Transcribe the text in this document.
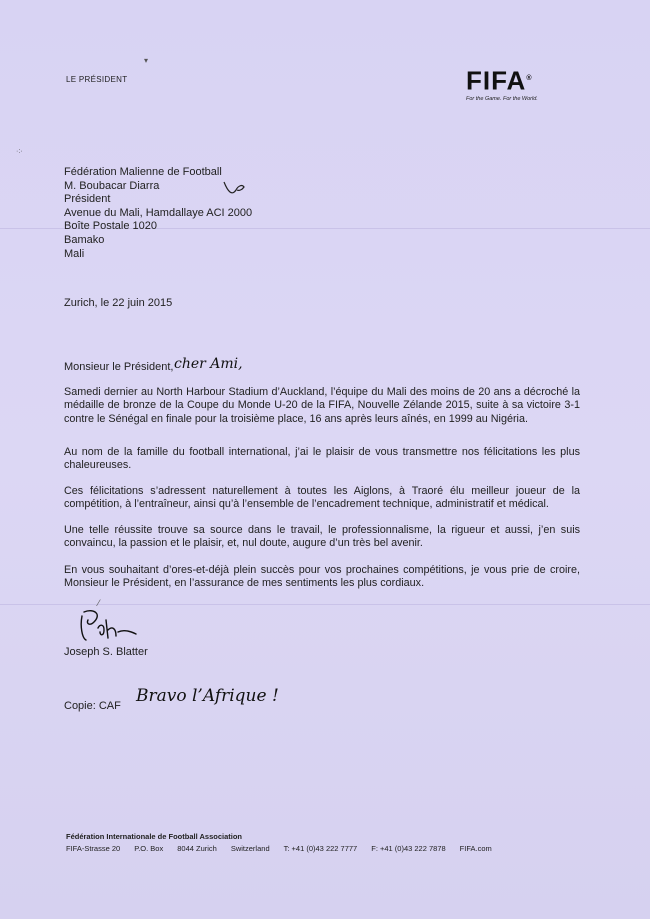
LE PRÉSIDENT	FIFA®
For the Game. For the World.
▾
·:·
Fédération Malienne de Football
M. Boubacar Diarra
Président
Avenue du Mali, Hamdallaye ACI 2000
Boîte Postale 1020
Bamako
Mali
Zurich, le 22 juin 2015
Monsieur le Président, cher Ami,
Samedi dernier au North Harbour Stadium d’Auckland, l’équipe du Mali des moins de 20 ans a décroché la médaille de bronze de la Coupe du Monde U-20 de la FIFA, Nouvelle Zélande 2015, suite à sa victoire 3-1 contre le Sénégal en finale pour la troisième place, 16 ans après leurs aînés, en 1999 au Nigéria.
Au nom de la famille du football international, j’ai le plaisir de vous transmettre nos félicitations les plus chaleureuses.
Ces félicitations s’adressent naturellement à toutes les Aiglons, à Traoré élu meilleur joueur de la compétition, à l’entraîneur, ainsi qu’à l’ensemble de l’encadrement technique, administratif et médical.
Une telle réussite trouve sa source dans le travail, le professionnalisme, la rigueur et aussi, j’en suis convaincu, la passion et le plaisir, et, nul doute, augure d’un très bel avenir.
En vous souhaitant d’ores-et-déjà plein succès pour vos prochaines compétitions, je vous prie de croire, Monsieur le Président, en l’assurance de mes sentiments les plus cordiaux.
⁄
Joseph S. Blatter
Copie: CAF Bravo l’Afrique !
Fédération Internationale de Football Association
FIFA-Strasse 20 P.O. Box 8044 Zurich Switzerland T: +41 (0)43 222 7777 F: +41 (0)43 222 7878 FIFA.com
